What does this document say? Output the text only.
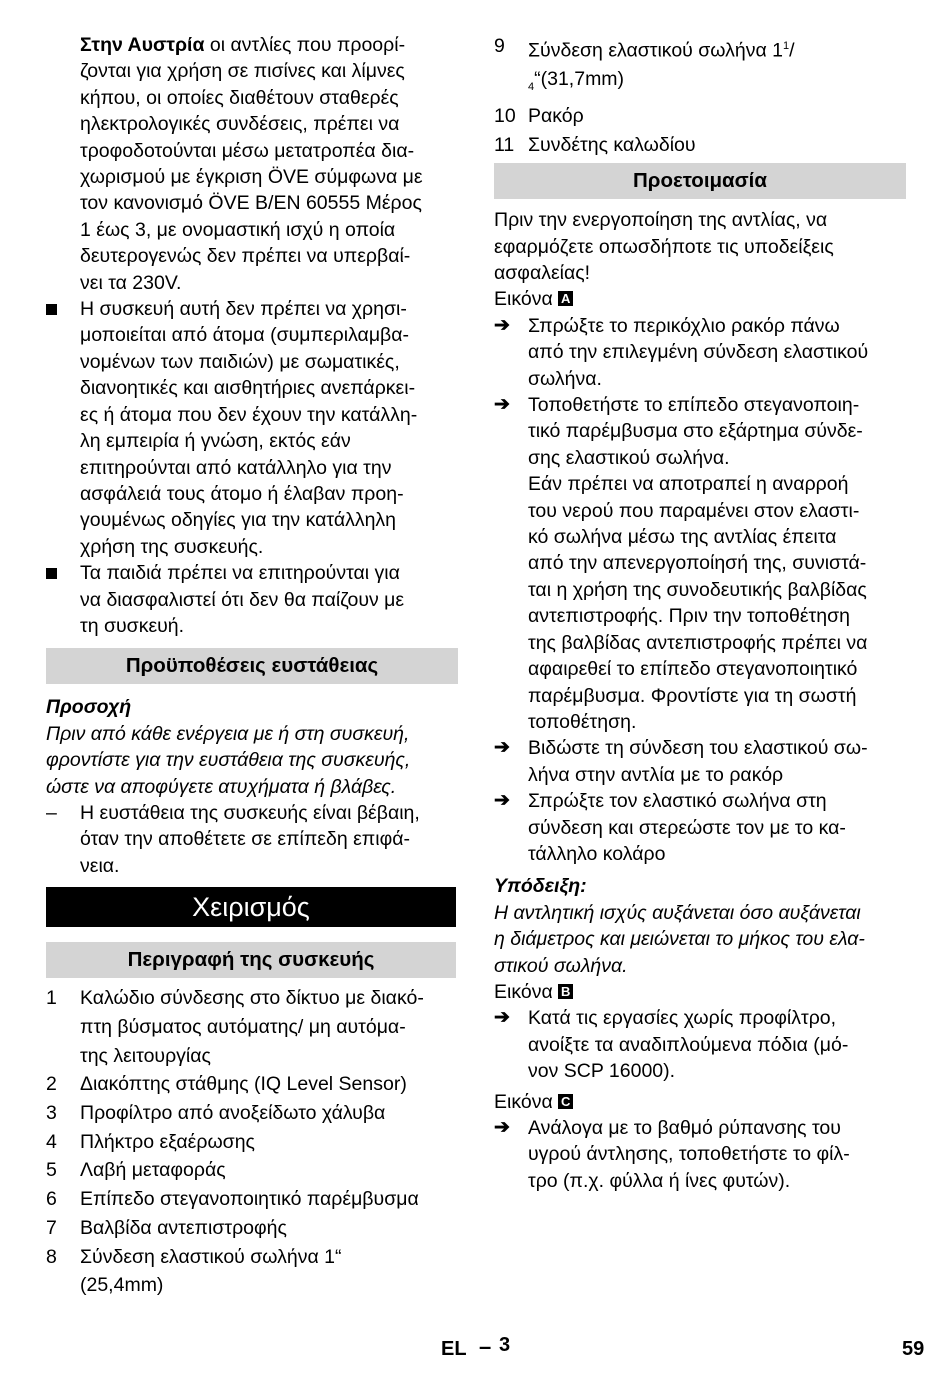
Στην Αυστρία οι αντλίες που προορί-

ζονται για χρήση σε πισίνες και λίμνες

κήπου, οι οποίες διαθέτουν σταθερές

ηλεκτρολογικές συνδέσεις, πρέπει να

τροφοδοτούνται μέσω μετατροπέα δια-

χωρισμού με έγκριση ÖVE σύμφωνα με

τον κανονισμό ÖVE B/EN 60555 Μέρος

1 έως 3, με ονομαστική ισχύ η οποία

δευτερογενώς δεν πρέπει να υπερβαί-

νει τα 230V.

Η συσκευή αυτή δεν πρέπει να χρησι-

μοποιείται από άτομα (συμπεριλαμβα-

νομένων των παιδιών) με σωματικές,

διανοητικές και αισθητήριες ανεπάρκει-

ες ή άτομα που δεν έχουν την κατάλλη-

λη εμπειρία ή γνώση, εκτός εάν

επιτηρούνται από κατάλληλο για την

ασφάλειά τους άτομο ή έλαβαν προη-

γουμένως οδηγίες για την κατάλληλη

χρήση της συσκευής.

Τα παιδιά πρέπει να επιτηρούνται για

να διασφαλιστεί ότι δεν θα παίζουν με

τη συσκευή.

Προϋποθέσεις ευστάθειας

Προσοχή

Πριν από κάθε ενέργεια με ή στη συσκευή,

φροντίστε για την ευστάθεια της συσκευής,

ώστε να αποφύγετε ατυχήματα ή βλάβες.

– Η ευστάθεια της συσκευής είναι βέβαιη,

όταν την αποθέτετε σε επίπεδη επιφά-

νεια.

Χειρισμός
Περιγραφή της συσκευής
1 Καλώδιο σύνδεσης στο δίκτυο με διακό-
πτη βύσματος αυτόματης/ μη αυτόμα-
της λειτουργίας
2 Διακόπτης στάθμης (IQ Level Sensor)
3 Προφίλτρο από ανοξείδωτο χάλυβα
4 Πλήκτρο εξαέρωσης
5 Λαβή μεταφοράς
6 Επίπεδο στεγανοποιητικό παρέμβυσμα
7 Βαλβίδα αντεπιστροφής
8 Σύνδεση ελαστικού σωλήνα 1“
(25,4mm)
9 Σύνδεση ελαστικού σωλήνα $1^1/$
$_4$“(31,7mm)
10 Ρακόρ
11 Συνδέτης καλωδίου
Προετοιμασία

Πριν την ενεργοποίηση της αντλίας, να

εφαρμόζετε οπωσδήποτε τις υποδείξεις

ασφαλείας!

Εικόνα A

➔ Σπρώξτε το περικόχλιο ρακόρ πάνω

από την επιλεγμένη σύνδεση ελαστικού

σωλήνα.

➔ Τοποθετήστε το επίπεδο στεγανοποιη-

τικό παρέμβυσμα στο εξάρτημα σύνδε-

σης ελαστικού σωλήνα.

Εάν πρέπει να αποτραπεί η αναρροή

του νερού που παραμένει στον ελαστι-

κό σωλήνα μέσω της αντλίας έπειτα

από την απενεργοποίησή της, συνιστά-

ται η χρήση της συνοδευτικής βαλβίδας

αντεπιστροφής. Πριν την τοποθέτηση

της βαλβίδας αντεπιστροφής πρέπει να

αφαιρεθεί το επίπεδο στεγανοποιητικό

παρέμβυσμα. Φροντίστε για τη σωστή

τοποθέτηση.

➔ Βιδώστε τη σύνδεση του ελαστικού σω-

λήνα στην αντλία με το ρακόρ

➔ Σπρώξτε τον ελαστικό σωλήνα στη

σύνδεση και στερεώστε τον με το κα-

τάλληλο κολάρο

Υπόδειξη:

Η αντλητική ισχύς αυξάνεται όσο αυξάνεται

η διάμετρος και μειώνεται το μήκος του ελα-

στικού σωλήνα.

Εικόνα B

➔ Κατά τις εργασίες χωρίς προφίλτρο,

ανοίξτε τα αναδιπλούμενα πόδια (μό-

νον SCP 16000).

Εικόνα C

➔ Ανάλογα με το βαθμό ρύπανσης του

υγρού άντλησης, τοποθετήστε το φίλ-

τρο (π.χ. φύλλα ή ίνες φυτών).

EL – 3	59
